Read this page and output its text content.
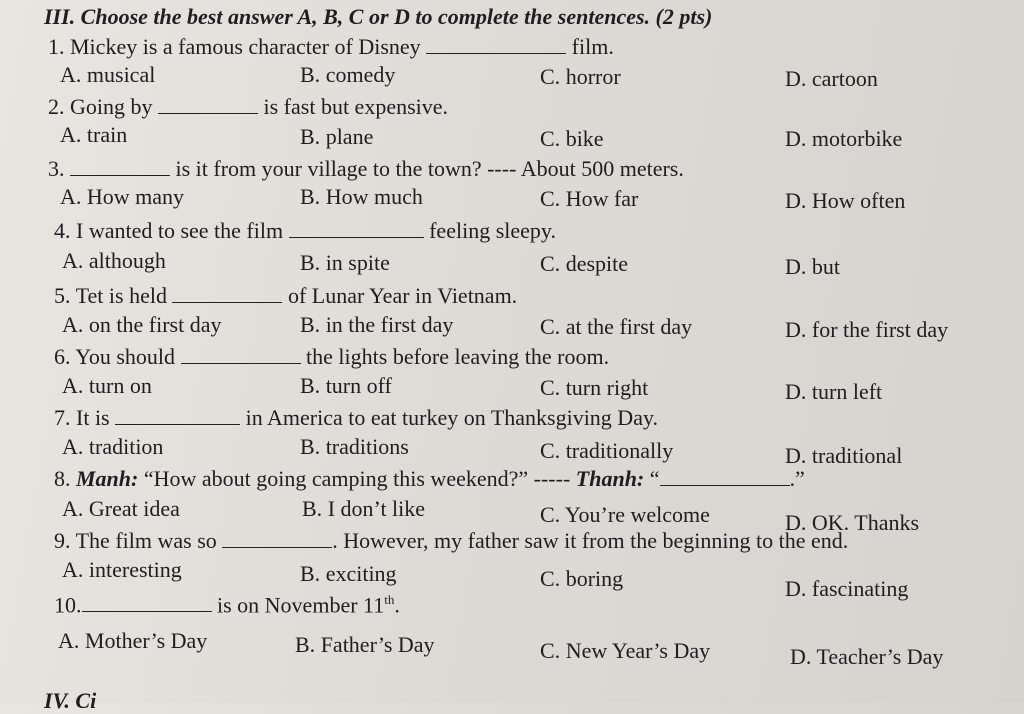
III. Choose the best answer A, B, C or D to complete the sentences. (2 pts)
1. Mickey is a famous character of Disney	film.
A. musical	B. comedy	C. horror	D. cartoon
2. Going by	is fast but expensive.
A. train	B. plane	C. bike	D. motorbike
3.	is it from your village to the town? ---- About 500 meters.
A. How many	B. How much	C. How far	D. How often
4. I wanted to see the film	feeling sleepy.
A. although	B. in spite	C. despite	D. but
5. Tet is held	of Lunar Year in Vietnam.
A. on the first day	B. in the first day	C. at the first day	D. for the first day
6. You should	the lights before leaving the room.
A. turn on	B. turn off	C. turn right	D. turn left
7. It is	in America to eat turkey on Thanksgiving Day.
A. tradition	B. traditions	C. traditionally	D. traditional
8. Manh: “How about going camping this weekend?” ----- Thanh: “	.”
A. Great idea	B. I don’t like	C. You’re welcome	D. OK. Thanks
9. The film was so	. However, my father saw it from the beginning to the end.
A. interesting	B. exciting	C. boring	D. fascinating
10.	is on November 11th.
A. Mother’s Day	B. Father’s Day	C. New Year’s Day	D. Teacher’s Day
IV. Ci
